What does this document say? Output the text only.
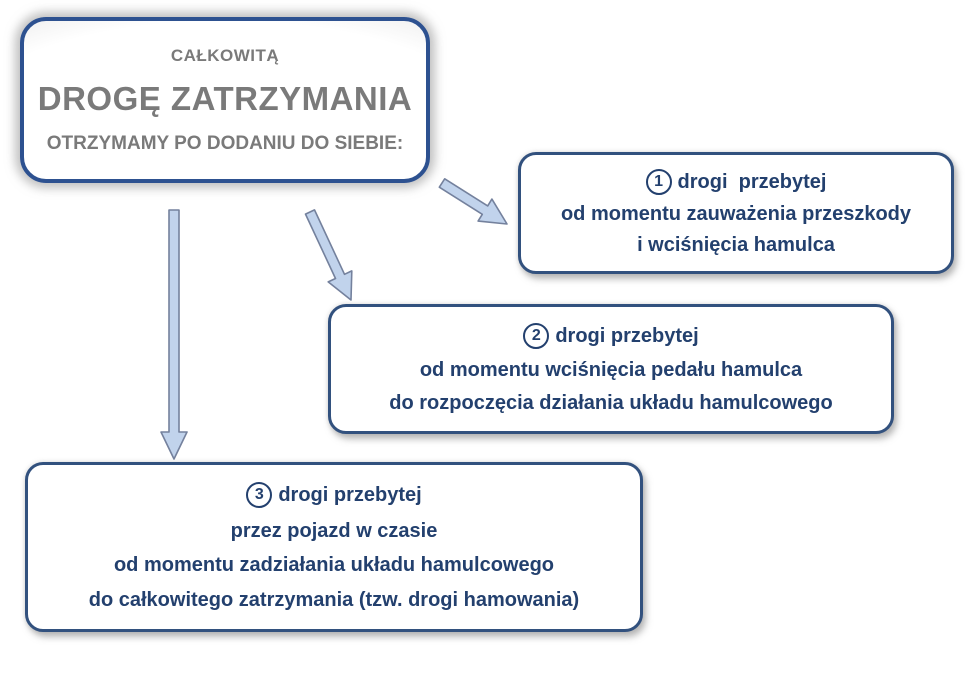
CAŁKOWITĄ
DROGĘ ZATRZYMANIA
OTRZYMAMY PO DODANIU DO SIEBIE:
1 drogi  przebytej
od momentu zauważenia przeszkody
i wciśnięcia hamulca
2 drogi przebytej
od momentu wciśnięcia pedału hamulca
do rozpoczęcia działania układu hamulcowego
3 drogi przebytej
przez pojazd w czasie
od momentu zadziałania układu hamulcowego
do całkowitego zatrzymania (tzw. drogi hamowania)
